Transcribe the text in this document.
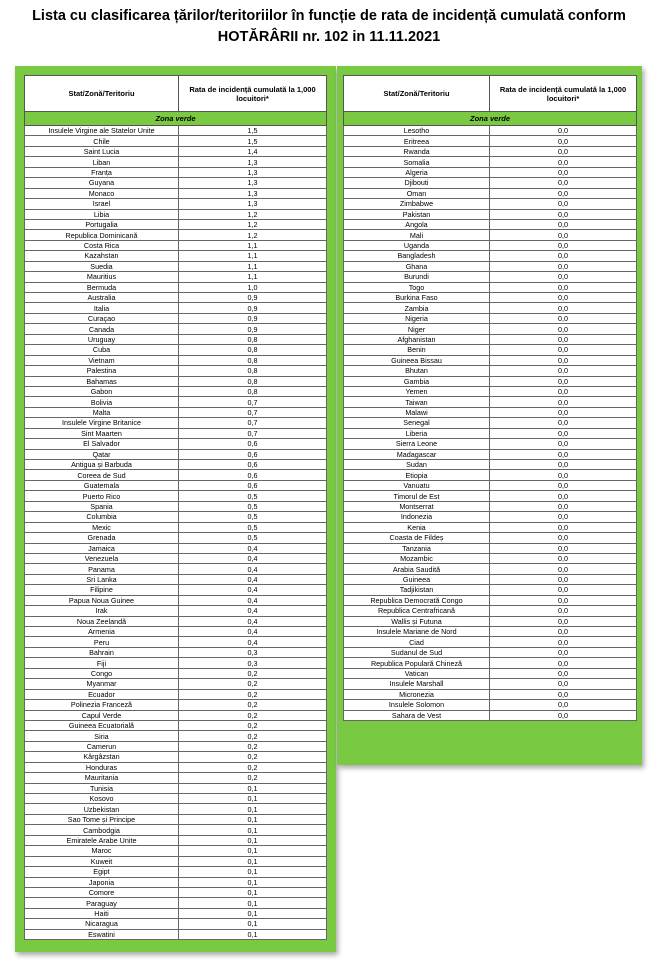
Lista cu clasificarea țărilor/teritoriilor în funcție de rata de incidență cumulată conform
HOTĂRÂRII nr. 102 in 11.11.2021
Stat/Zonă/Teritoriu	Rata de incidență cumulată la 1,000 locuitori*
Zona verde	
Insulele Virgine ale Statelor Unite	1,5
Chile	1,5
Saint Lucia	1,4
Liban	1,3
Franța	1,3
Guyana	1,3
Monaco	1,3
Israel	1,3
Libia	1,2
Portugalia	1,2
Republica Dominicană	1,2
Costa Rica	1,1
Kazahstan	1,1
Suedia	1,1
Mauritius	1,1
Bermuda	1,0
Australia	0,9
Italia	0,9
Curaçao	0,9
Canada	0,9
Uruguay	0,8
Cuba	0,8
Vietnam	0,8
Palestina	0,8
Bahamas	0,8
Gabon	0,8
Bolivia	0,7
Malta	0,7
Insulele Virgine Britanice	0,7
Sint Maarten	0,7
El Salvador	0,6
Qatar	0,6
Antigua și Barbuda	0,6
Coreea de Sud	0,6
Guatemala	0,6
Puerto Rico	0,5
Spania	0,5
Columbia	0,5
Mexic	0,5
Grenada	0,5
Jamaica	0,4
Venezuela	0,4
Panama	0,4
Sri Lanka	0,4
Filipine	0,4
Papua Noua Guinee	0,4
Irak	0,4
Noua Zeelandă	0,4
Armenia	0,4
Peru	0,4
Bahrain	0,3
Fiji	0,3
Congo	0,2
Myanmar	0,2
Ecuador	0,2
Polinezia Franceză	0,2
Capul Verde	0,2
Guineea Ecuatorială	0,2
Siria	0,2
Camerun	0,2
Kârgâzstan	0,2
Honduras	0,2
Mauritania	0,2
Tunisia	0,1
Kosovo	0,1
Uzbekistan	0,1
Sao Tome și Principe	0,1
Cambodgia	0,1
Emiratele Arabe Unite	0,1
Maroc	0,1
Kuweit	0,1
Egipt	0,1
Japonia	0,1
Comore	0,1
Paraguay	0,1
Haiti	0,1
Nicaragua	0,1
Eswatini	0,1
Stat/Zonă/Teritoriu	Rata de incidență cumulată la 1,000 locuitori*
Zona verde	
Lesotho	0,0
Eritreea	0,0
Rwanda	0,0
Somalia	0,0
Algeria	0,0
Djibouti	0,0
Oman	0,0
Zimbabwe	0,0
Pakistan	0,0
Angola	0,0
Mali	0,0
Uganda	0,0
Bangladesh	0,0
Ghana	0,0
Burundi	0,0
Togo	0,0
Burkina Faso	0,0
Zambia	0,0
Nigeria	0,0
Niger	0,0
Afghanistan	0,0
Benin	0,0
Guineea Bissau	0,0
Bhutan	0,0
Gambia	0,0
Yemen	0,0
Taiwan	0,0
Malawi	0,0
Senegal	0,0
Liberia	0,0
Sierra Leone	0,0
Madagascar	0,0
Sudan	0,0
Etiopia	0,0
Vanuatu	0,0
Timorul de Est	0,0
Montserrat	0,0
Indonezia	0,0
Kenia	0,0
Coasta de Fildeș	0,0
Tanzania	0,0
Mozambic	0,0
Arabia Saudită	0,0
Guineea	0,0
Tadjikistan	0,0
Republica Democrată Congo	0,0
Republica Centrafricană	0,0
Wallis și Futuna	0,0
Insulele Mariane de Nord	0,0
Ciad	0,0
Sudanul de Sud	0,0
Republica Populară Chineză	0,0
Vatican	0,0
Insulele Marshall	0,0
Micronezia	0,0
Insulele Solomon	0,0
Sahara de Vest	0,0
